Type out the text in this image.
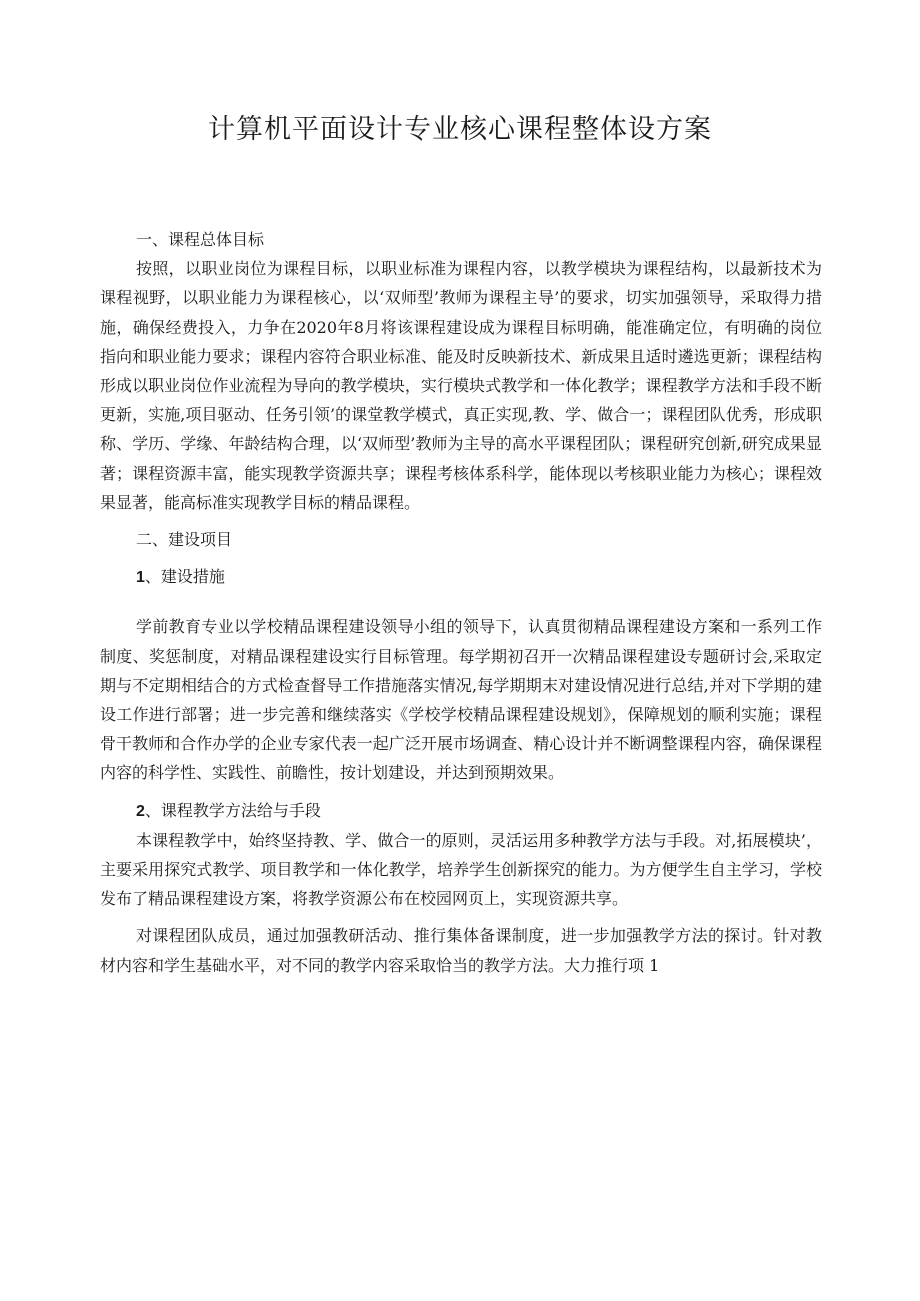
计算机平面设计专业核心课程整体设方案

一、课程总体目标

按照，以职业岗位为课程目标，以职业标准为课程内容，以教学模块为课程结构，以最新技术为课程视野，以职业能力为课程核心，以‘双师型’教师为课程主导’的要求，切实加强领导，采取得力措施，确保经费投入，力争在2020年8月将该课程建设成为课程目标明确，能准确定位，有明确的岗位指向和职业能力要求；课程内容符合职业标准、能及时反映新技术、新成果且适时遴选更新；课程结构形成以职业岗位作业流程为导向的教学模块，实行模块式教学和一体化教学；课程教学方法和手段不断更新，实施,项目驱动、任务引领’的课堂教学模式，真正实现,教、学、做合一；课程团队优秀，形成职称、学历、学缘、年龄结构合理，以‘双师型’教师为主导的高水平课程团队；课程研究创新,研究成果显著；课程资源丰富，能实现教学资源共享；课程考核体系科学，能体现以考核职业能力为核心；课程效果显著，能高标准实现教学目标的精品课程。

二、建设项目

1、建设措施

学前教育专业以学校精品课程建设领导小组的领导下，认真贯彻精品课程建设方案和一系列工作制度、奖惩制度，对精品课程建设实行目标管理。每学期初召开一次精品课程建设专题研讨会,采取定期与不定期相结合的方式检查督导工作措施落实情况,每学期期末对建设情况进行总结,并对下学期的建设工作进行部署；进一步完善和继续落实《学校学校精品课程建设规划》，保障规划的顺利实施；课程骨干教师和合作办学的企业专家代表一起广泛开展市场调查、精心设计并不断调整课程内容，确保课程内容的科学性、实践性、前瞻性，按计划建设，并达到预期效果。

2、课程教学方法给与手段

本课程教学中，始终坚持教、学、做合一的原则，灵活运用多种教学方法与手段。对,拓展模块’，主要采用探究式教学、项目教学和一体化教学，培养学生创新探究的能力。为方便学生自主学习，学校发布了精品课程建设方案，将教学资源公布在校园网页上，实现资源共享。

对课程团队成员，通过加强教研活动、推行集体备课制度，进一步加强教学方法的探讨。针对教材内容和学生基础水平，对不同的教学内容采取恰当的教学方法。大力推行项 1
